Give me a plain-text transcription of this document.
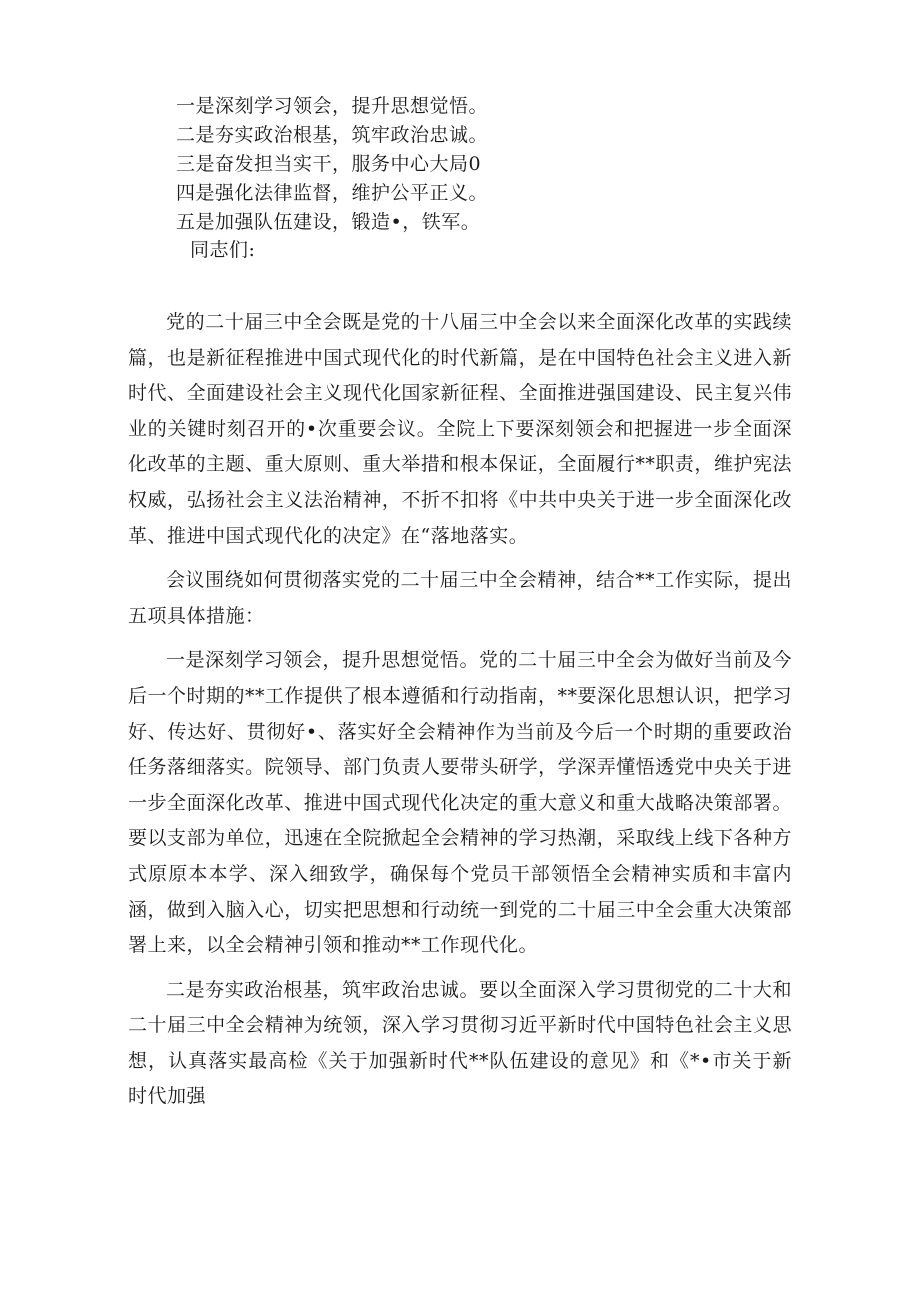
一是深刻学习领会，提升思想觉悟。
二是夯实政治根基，筑牢政治忠诚。
三是奋发担当实干，服务中心大局0
四是强化法律监督，维护公平正义。
五是加强队伍建设，锻造•，铁军。
同志们:

党的二十届三中全会既是党的十八届三中全会以来全面深化改革的实践续篇，也是新征程推进中国式现代化的时代新篇，是在中国特色社会主义进入新时代、全面建设社会主义现代化国家新征程、全面推进强国建设、民主复兴伟业的关键时刻召开的•次重要会议。全院上下要深刻领会和把握进一步全面深化改革的主题、重大原则、重大举措和根本保证，全面履行**职责，维护宪法权威，弘扬社会主义法治精神，不折不扣将《中共中央关于进一步全面深化改革、推进中国式现代化的决定》在“落地落实。

会议围绕如何贯彻落实党的二十届三中全会精神，结合**工作实际，提出五项具体措施：

一是深刻学习领会，提升思想觉悟。党的二十届三中全会为做好当前及今后一个时期的**工作提供了根本遵循和行动指南，**要深化思想认识，把学习好、传达好、贯彻好•、落实好全会精神作为当前及今后一个时期的重要政治任务落细落实。院领导、部门负责人要带头研学，学深弄懂悟透党中央关于进一步全面深化改革、推进中国式现代化决定的重大意义和重大战略决策部署。要以支部为单位，迅速在全院掀起全会精神的学习热潮，采取线上线下各种方式原原本本学、深入细致学，确保每个党员干部领悟全会精神实质和丰富内涵，做到入脑入心，切实把思想和行动统一到党的二十届三中全会重大决策部署上来，以全会精神引领和推动**工作现代化。

二是夯实政治根基，筑牢政治忠诚。要以全面深入学习贯彻党的二十大和二十届三中全会精神为统领，深入学习贯彻习近平新时代中国特色社会主义思想，认真落实最高检《关于加强新时代**队伍建设的意见》和《*•市关于新时代加强
